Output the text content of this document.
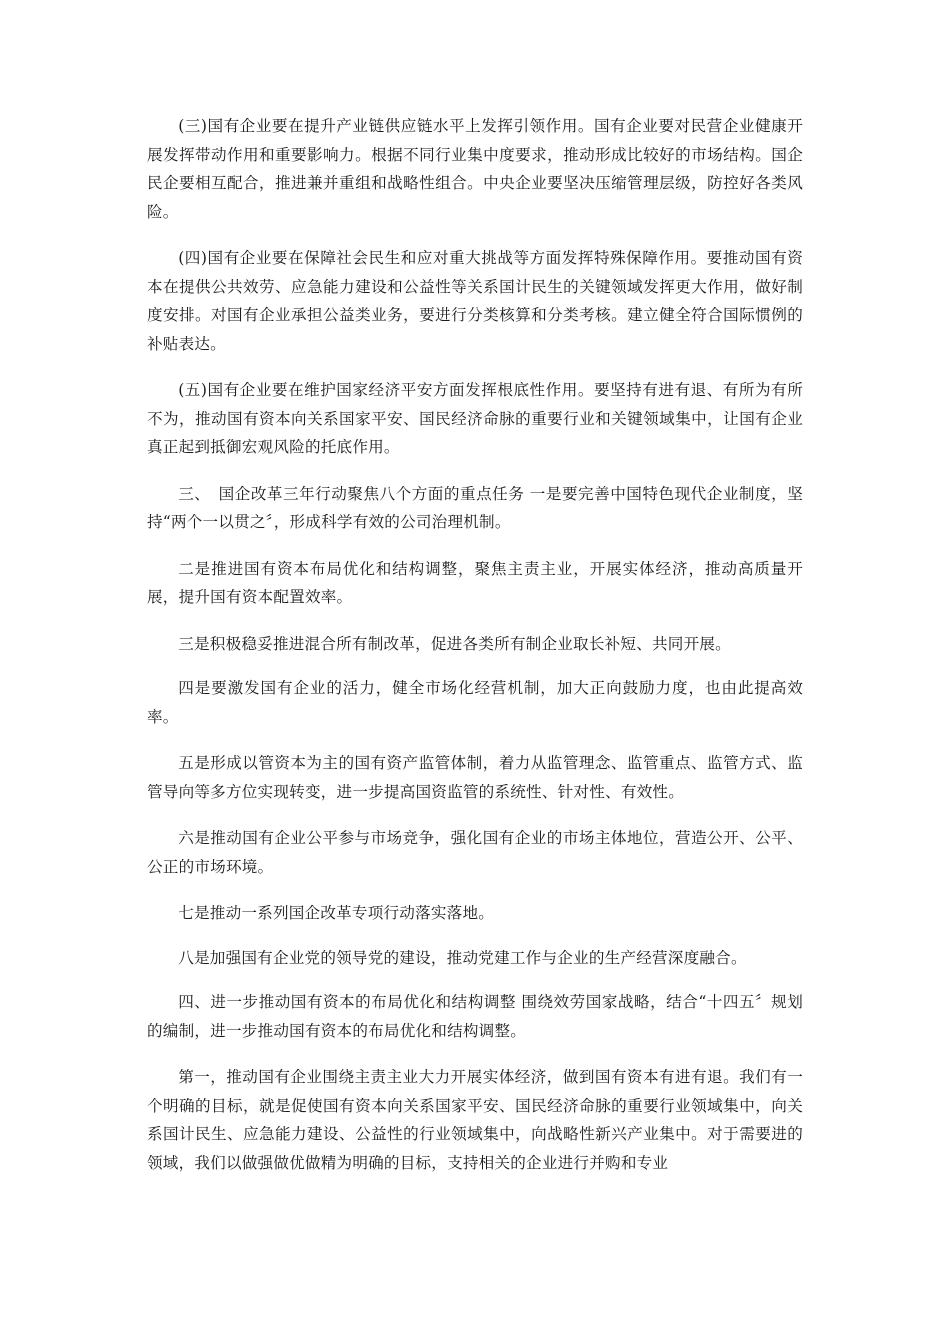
(三)国有企业要在提升产业链供应链水平上发挥引领作用。国有企业要对民营企业健康开展发挥带动作用和重要影响力。根据不同行业集中度要求，推动形成比较好的市场结构。国企民企要相互配合，推进兼并重组和战略性组合。中央企业要坚决压缩管理层级，防控好各类风险。

(四)国有企业要在保障社会民生和应对重大挑战等方面发挥特殊保障作用。要推动国有资本在提供公共效劳、应急能力建设和公益性等关系国计民生的关键领域发挥更大作用，做好制度安排。对国有企业承担公益类业务，要进行分类核算和分类考核。建立健全符合国际惯例的补贴表达。

(五)国有企业要在维护国家经济平安方面发挥根底性作用。要坚持有进有退、有所为有所不为，推动国有资本向关系国家平安、国民经济命脉的重要行业和关键领域集中，让国有企业真正起到抵御宏观风险的托底作用。

三、　国企改革三年行动聚焦八个方面的重点任务 一是要完善中国特色现代企业制度，坚持“两个一以贯之〞，形成科学有效的公司治理机制。

二是推进国有资本布局优化和结构调整，聚焦主责主业，开展实体经济，推动高质量开展，提升国有资本配置效率。

三是积极稳妥推进混合所有制改革，促进各类所有制企业取长补短、共同开展。

四是要激发国有企业的活力，健全市场化经营机制，加大正向鼓励力度，也由此提高效率。

五是形成以管资本为主的国有资产监管体制，着力从监管理念、监管重点、监管方式、监管导向等多方位实现转变，进一步提高国资监管的系统性、针对性、有效性。

六是推动国有企业公平参与市场竞争，强化国有企业的市场主体地位，营造公开、公平、公正的市场环境。

七是推动一系列国企改革专项行动落实落地。

八是加强国有企业党的领导党的建设，推动党建工作与企业的生产经营深度融合。

四、进一步推动国有资本的布局优化和结构调整 围绕效劳国家战略，结合“十四五〞规划的编制，进一步推动国有资本的布局优化和结构调整。

第一，推动国有企业围绕主责主业大力开展实体经济，做到国有资本有进有退。我们有一个明确的目标，就是促使国有资本向关系国家平安、国民经济命脉的重要行业领域集中，向关系国计民生、应急能力建设、公益性的行业领域集中，向战略性新兴产业集中。对于需要进的领域，我们以做强做优做精为明确的目标，支持相关的企业进行并购和专业
